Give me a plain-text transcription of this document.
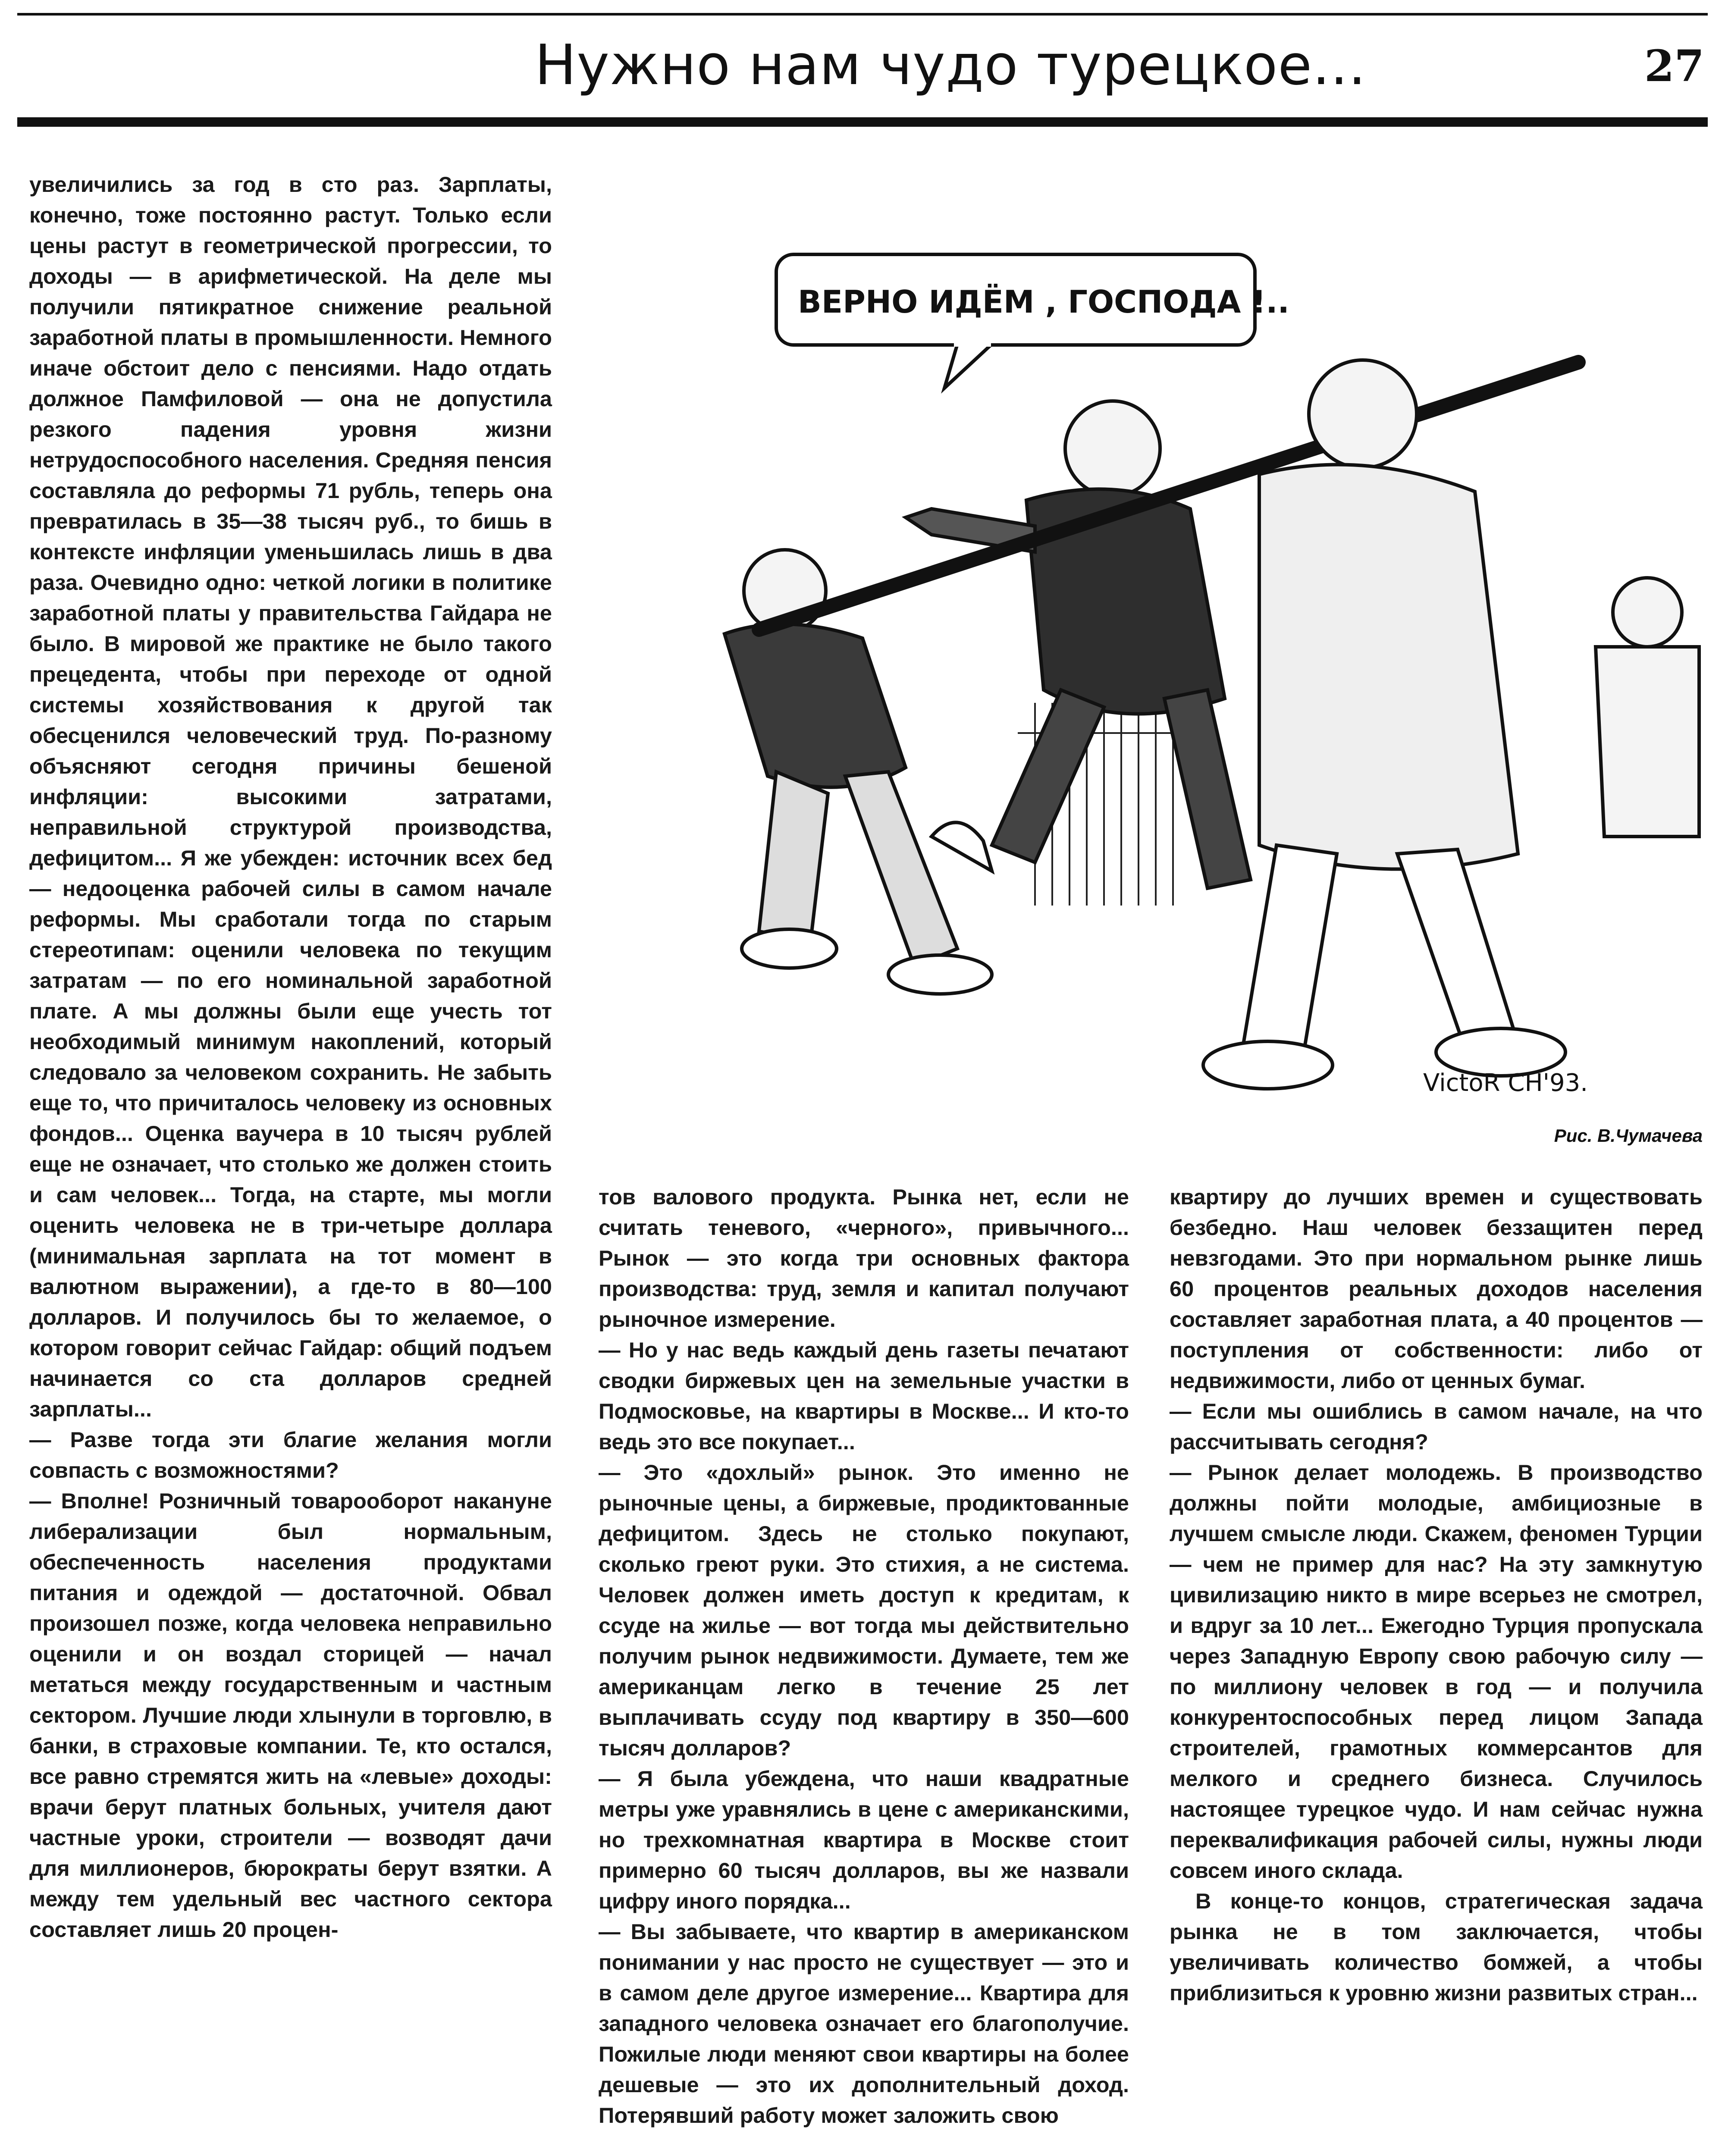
Нужно нам чудо турецкое...	27

увеличились за год в сто раз. Зарплаты, конечно, тоже постоянно растут. Только если цены растут в геометрической прогрессии, то доходы — в арифметической. На деле мы получили пятикратное снижение реальной заработной платы в промышленности. Немного иначе обстоит дело с пенсиями. Надо отдать должное Памфиловой — она не допустила резкого падения уровня жизни нетрудоспособного населения. Средняя пенсия составляла до реформы 71 рубль, теперь она превратилась в 35—38 тысяч руб., то бишь в контексте инфляции уменьшилась лишь в два раза. Очевидно одно: четкой логики в политике заработной платы у правительства Гайдара не было. В мировой же практике не было такого прецедента, чтобы при переходе от одной системы хозяйствования к другой так обесценился человеческий труд. По-разному объясняют сегодня причины бешеной инфляции: высокими затратами, неправильной структурой производства, дефицитом... Я же убежден: источник всех бед — недооценка рабочей силы в самом начале реформы. Мы сработали тогда по старым стереотипам: оценили человека по текущим затратам — по его номинальной заработной плате. А мы должны были еще учесть тот необходимый минимум накоплений, который следовало за человеком сохранить. Не забыть еще то, что причиталось человеку из основных фондов... Оценка ваучера в 10 тысяч рублей еще не означает, что столько же должен стоить и сам человек... Тогда, на старте, мы могли оценить человека не в три-четыре доллара (минимальная зарплата на тот момент в валютном выражении), а где-то в 80—100 долларов. И получилось бы то желаемое, о котором говорит сейчас Гайдар: общий подъем начинается со ста долларов средней зарплаты...

— Разве тогда эти благие желания могли совпасть с возможностями?

— Вполне! Розничный товарооборот накануне либерализации был нормальным, обеспеченность населения продуктами питания и одеждой — достаточной. Обвал произошел позже, когда человека неправильно оценили и он воздал сторицей — начал метаться между государственным и частным сектором. Лучшие люди хлынули в торговлю, в банки, в страховые компании. Те, кто остался, все равно стремятся жить на «левые» доходы: врачи берут платных больных, учителя дают частные уроки, строители — возводят дачи для миллионеров, бюрократы берут взятки. А между тем удельный вес частного сектора составляет лишь 20 процен-

ВЕРНО ИДЁМ , ГОСПОДА !..
VictoR CH'93.
Рис. В.Чумачева

тов валового продукта. Рынка нет, если не считать теневого, «черного», привычного... Рынок — это когда три основных фактора производства: труд, земля и капитал получают рыночное измерение.

— Но у нас ведь каждый день газеты печатают сводки биржевых цен на земельные участки в Подмосковье, на квартиры в Москве... И кто-то ведь это все покупает...

— Это «дохлый» рынок. Это именно не рыночные цены, а биржевые, продиктованные дефицитом. Здесь не столько покупают, сколько греют руки. Это стихия, а не система. Человек должен иметь доступ к кредитам, к ссуде на жилье — вот тогда мы действительно получим рынок недвижимости. Думаете, тем же американцам легко в течение 25 лет выплачивать ссуду под квартиру в 350—600 тысяч долларов?

— Я была убеждена, что наши квадратные метры уже уравнялись в цене с американскими, но трехкомнатная квартира в Москве стоит примерно 60 тысяч долларов, вы же назвали цифру иного порядка...

— Вы забываете, что квартир в американском понимании у нас просто не существует — это и в самом деле другое измерение... Квартира для западного человека означает его благополучие. Пожилые люди меняют свои квартиры на более дешевые — это их дополнительный доход. Потерявший работу может заложить свою

квартиру до лучших времен и существовать безбедно. Наш человек беззащитен перед невзгодами. Это при нормальном рынке лишь 60 процентов реальных доходов населения составляет заработная плата, а 40 процентов — поступления от собственности: либо от недвижимости, либо от ценных бумаг.

— Если мы ошиблись в самом начале, на что рассчитывать сегодня?

— Рынок делает молодежь. В производство должны пойти молодые, амбициозные в лучшем смысле люди. Скажем, феномен Турции — чем не пример для нас? На эту замкнутую цивилизацию никто в мире всерьез не смотрел, и вдруг за 10 лет... Ежегодно Турция пропускала через Западную Европу свою рабочую силу — по миллиону человек в год — и получила конкурентоспособных перед лицом Запада строителей, грамотных коммерсантов для мелкого и среднего бизнеса. Случилось настоящее турецкое чудо. И нам сейчас нужна переквалификация рабочей силы, нужны люди совсем иного склада.

В конце-то концов, стратегическая задача рынка не в том заключается, чтобы увеличивать количество бомжей, а чтобы приблизиться к уровню жизни развитых стран...
